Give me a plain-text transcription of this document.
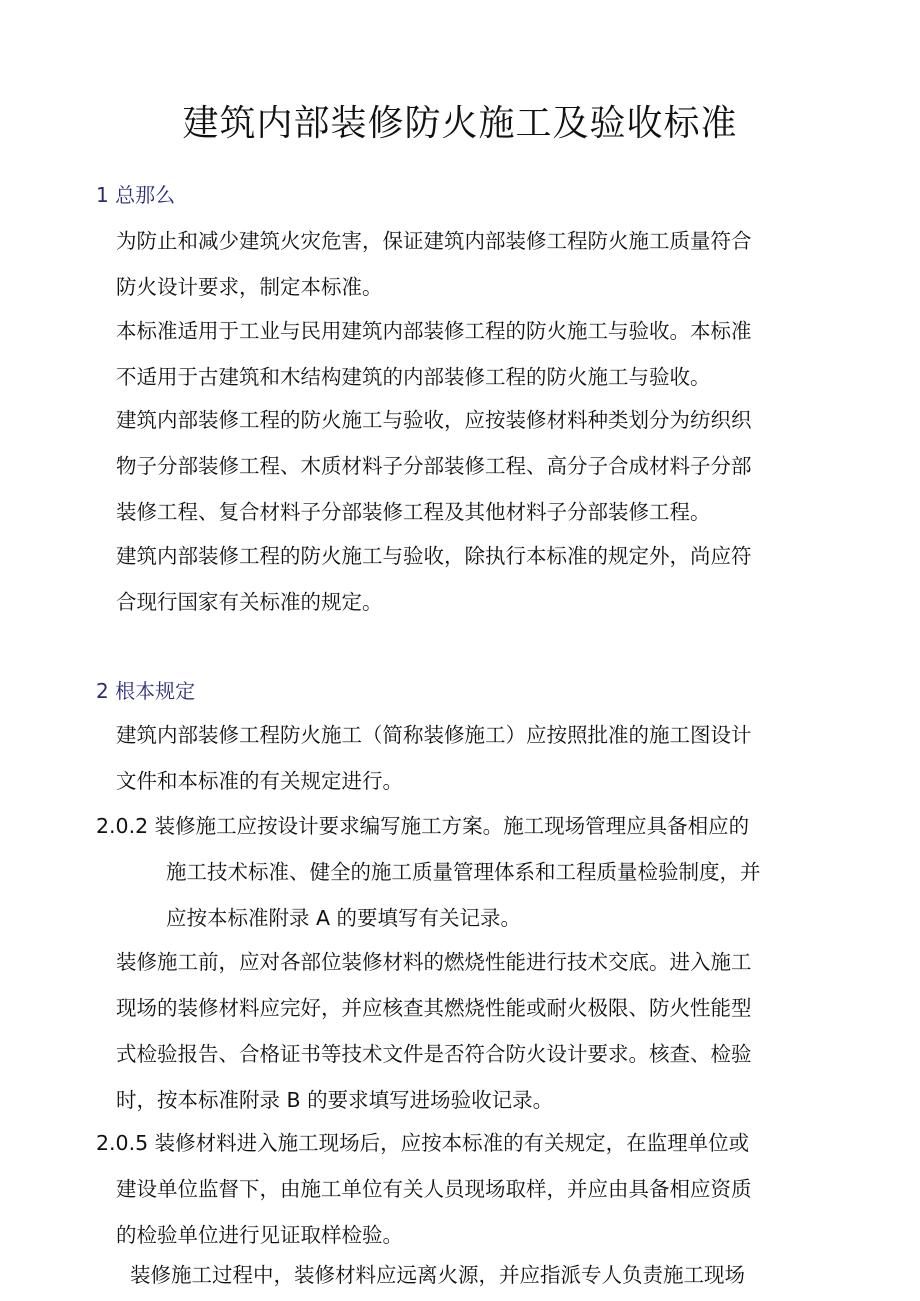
建筑内部装修防火施工及验收标准
1 总那么

为防止和减少建筑火灾危害，保证建筑内部装修工程防火施工质量符合
防火设计要求，制定本标准。

本标准适用于工业与民用建筑内部装修工程的防火施工与验收。本标准
不适用于古建筑和木结构建筑的内部装修工程的防火施工与验收。

建筑内部装修工程的防火施工与验收，应按装修材料种类划分为纺织织
物子分部装修工程、木质材料子分部装修工程、高分子合成材料子分部
装修工程、复合材料子分部装修工程及其他材料子分部装修工程。

建筑内部装修工程的防火施工与验收，除执行本标准的规定外，尚应符
合现行国家有关标准的规定。

2 根本规定

建筑内部装修工程防火施工（简称装修施工）应按照批准的施工图设计
文件和本标准的有关规定进行。

2.0.2 装修施工应按设计要求编写施工方案。施工现场管理应具备相应的
施工技术标准、健全的施工质量管理体系和工程质量检验制度，并
应按本标准附录 A 的要填写有关记录。

装修施工前，应对各部位装修材料的燃烧性能进行技术交底。进入施工
现场的装修材料应完好，并应核查其燃烧性能或耐火极限、防火性能型
式检验报告、合格证书等技术文件是否符合防火设计要求。核查、检验
时，按本标准附录 B 的要求填写进场验收记录。

2.0.5 装修材料进入施工现场后，应按本标准的有关规定，在监理单位或
建设单位监督下，由施工单位有关人员现场取样，并应由具备相应资质
的检验单位进行见证取样检验。

装修施工过程中，装修材料应远离火源，并应指派专人负责施工现场
